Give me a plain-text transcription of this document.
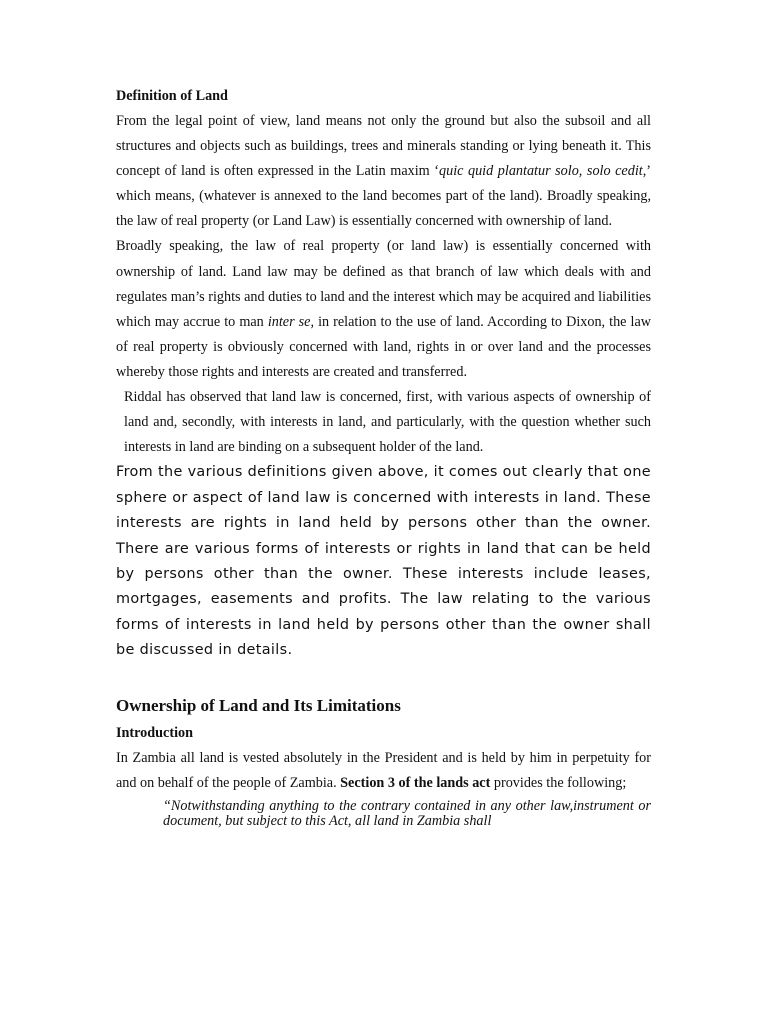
Definition of Land

From the legal point of view, land means not only the ground but also the subsoil and all structures and objects such as buildings, trees and minerals standing or lying beneath it. This concept of land is often expressed in the Latin maxim ‘quic quid plantatur solo, solo cedit,’ which means, (whatever is annexed to the land becomes part of the land). Broadly speaking, the law of real property (or Land Law) is essentially concerned with ownership of land.

Broadly speaking, the law of real property (or land law) is essentially concerned with ownership of land. Land law may be defined as that branch of law which deals with and regulates man’s rights and duties to land and the interest which may be acquired and liabilities which may accrue to man inter se, in relation to the use of land. According to Dixon, the law of real property is obviously concerned with land, rights in or over land and the processes whereby those rights and interests are created and transferred.

Riddal has observed that land law is concerned, first, with various aspects of ownership of land and, secondly, with interests in land, and particularly, with the question whether such interests in land are binding on a subsequent holder of the land.

From the various definitions given above, it comes out clearly that one sphere or aspect of land law is concerned with interests in land. These interests are rights in land held by persons other than the owner. There are various forms of interests or rights in land that can be held by persons other than the owner. These interests include leases, mortgages, easements and profits. The law relating to the various forms of interests in land held by persons other than the owner shall be discussed in details.

Ownership of Land and Its Limitations

Introduction

In Zambia all land is vested absolutely in the President and is held by him in perpetuity for and on behalf of the people of Zambia. Section 3 of the lands act provides the following;

“Notwithstanding anything to the contrary contained in any other law,instrument or document, but subject to this Act, all land in Zambia shall
